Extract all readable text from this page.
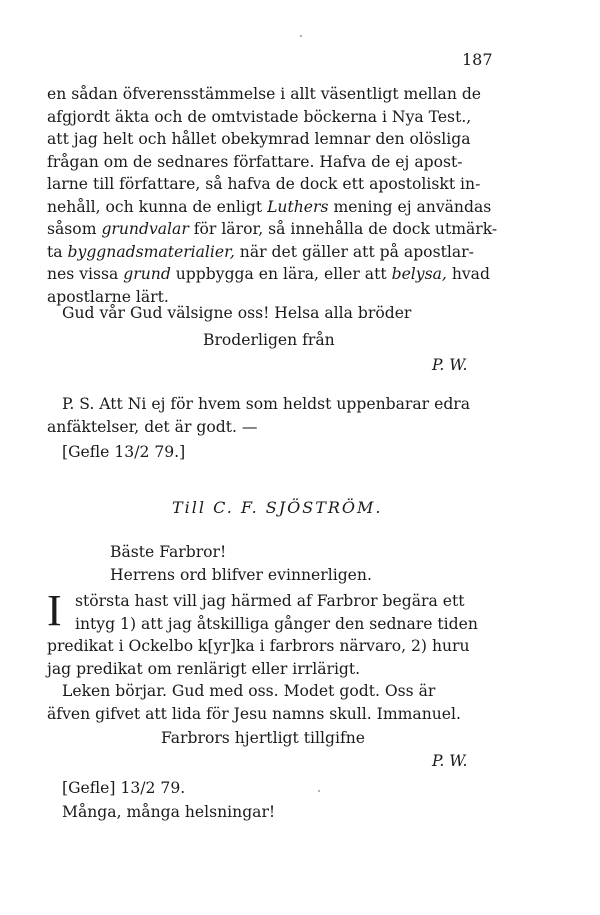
187
en sådan öfverensstämmelse i allt väsentligt mellan de
afgjordt äkta och de omtvistade böckerna i Nya Test.,
att jag helt och hållet obekymrad lemnar den olösliga
frågan om de sednares författare. Hafva de ej apost-
larne till författare, så hafva de dock ett apostoliskt in-
nehåll, och kunna de enligt Luthers mening ej användas
såsom grundvalar för läror, så innehålla de dock utmärk-
ta byggnadsmaterialier, när det gäller att på apostlar-
nes vissa grund uppbygga en lära, eller att belysa, hvad
apostlarne lärt.
Gud vår Gud välsigne oss! Helsa alla bröder
Broderligen från
P. W.
P. S. Att Ni ej för hvem som heldst uppenbarar edra
anfäktelser, det är godt. —
[Gefle 13/2 79.]
Till C. F. SJÖSTRÖM.
Bäste Farbror!
Herrens ord blifver evinnerligen.
I största hast vill jag härmed af Farbror begära ett
intyg 1) att jag åtskilliga gånger den sednare tiden
predikat i Ockelbo k[yr]ka i farbrors närvaro, 2) huru
jag predikat om renlärigt eller irrlärigt.
Leken börjar. Gud med oss. Modet godt. Oss är
äfven gifvet att lida för Jesu namns skull. Immanuel.
Farbrors hjertligt tillgifne
P. W.
[Gefle] 13/2 79.
Många, många helsningar!
